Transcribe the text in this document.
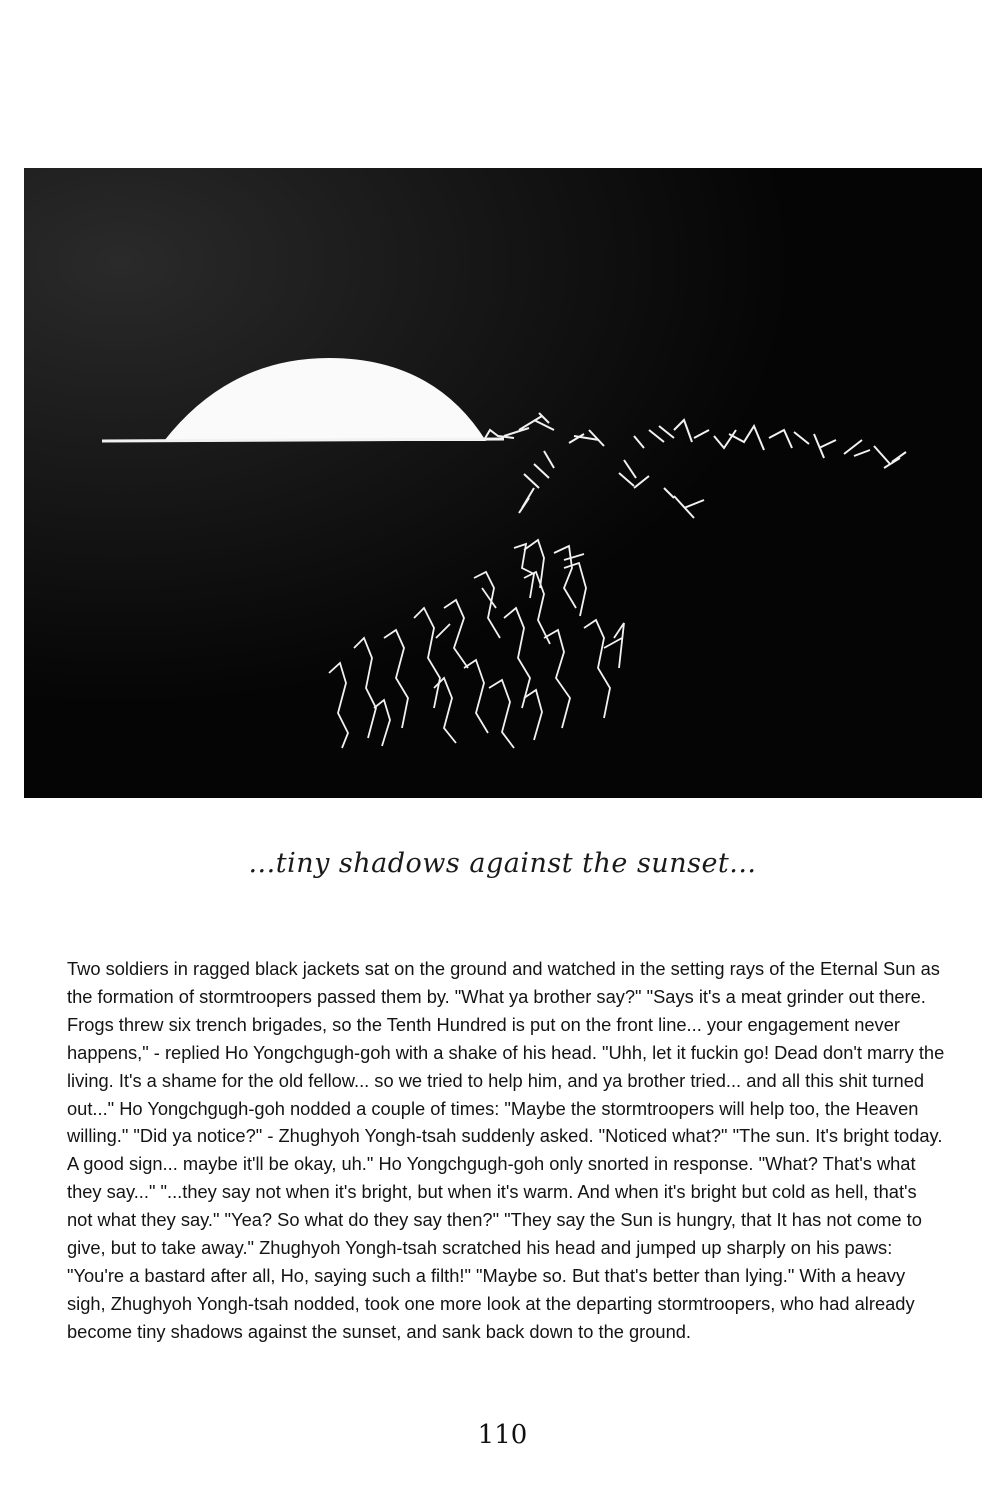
...tiny shadows against the sunset...

Two soldiers in ragged black jackets sat on the ground and watched in the setting rays of the Eternal Sun as the formation of stormtroopers passed them by. "What ya brother say?" "Says it's a meat grinder out there. Frogs threw six trench brigades, so the Tenth Hundred is put on the front line... your engagement never happens," - replied Ho Yongchgugh-goh with a shake of his head. "Uhh, let it fuckin go! Dead don't marry the living. It's a shame for the old fellow... so we tried to help him, and ya brother tried... and all this shit turned out..." Ho Yongchgugh-goh nodded a couple of times: "Maybe the stormtroopers will help too, the Heaven willing." "Did ya notice?" - Zhughyoh Yongh-tsah suddenly asked. "Noticed what?" "The sun. It's bright today. A good sign... maybe it'll be okay, uh." Ho Yongchgugh-goh only snorted in response. "What? That's what they say..." "...they say not when it's bright, but when it's warm. And when it's bright but cold as hell, that's not what they say." "Yea? So what do they say then?" "They say the Sun is hungry, that It has not come to give, but to take away." Zhughyoh Yongh-tsah scratched his head and jumped up sharply on his paws: "You're a bastard after all, Ho, saying such a filth!" "Maybe so. But that's better than lying." With a heavy sigh, Zhughyoh Yongh-tsah nodded, took one more look at the departing stormtroopers, who had already become tiny shadows against the sunset, and sank back down to the ground.

110
